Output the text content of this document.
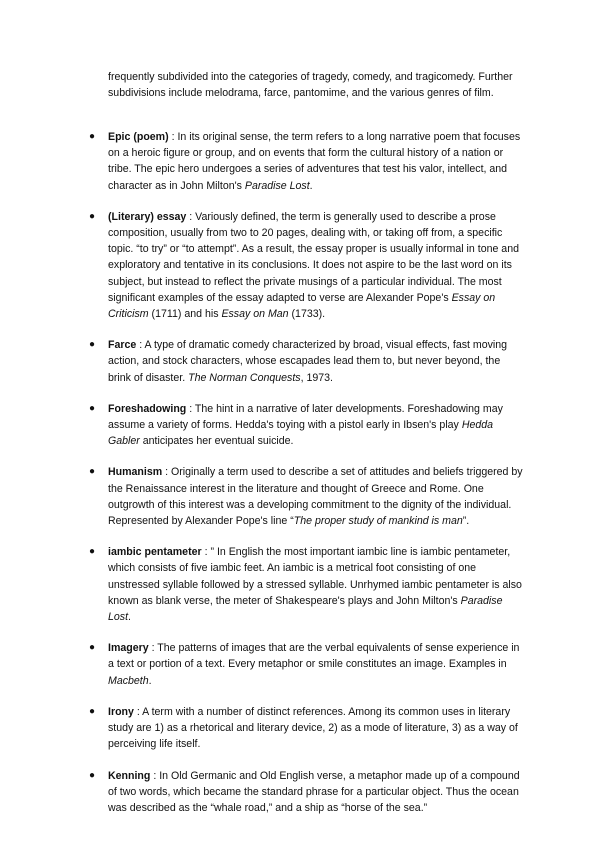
frequently subdivided into the categories of tragedy, comedy, and tragicomedy. Further subdivisions include melodrama, farce, pantomime, and the various genres of film.

● Epic (poem) : In its original sense, the term refers to a long narrative poem that focuses on a heroic figure or group, and on events that form the cultural history of a nation or tribe. The epic hero undergoes a series of adventures that test his valor, intellect, and character as in John Milton's Paradise Lost.
● (Literary) essay : Variously defined, the term is generally used to describe a prose composition, usually from two to 20 pages, dealing with, or taking off from, a specific topic. “to try” or “to attempt”. As a result, the essay proper is usually informal in tone and exploratory and tentative in its conclusions. It does not aspire to be the last word on its subject, but instead to reflect the private musings of a particular individual. The most significant examples of the essay adapted to verse are Alexander Pope's Essay on Criticism (1711) and his Essay on Man (1733).
● Farce : A type of dramatic comedy characterized by broad, visual effects, fast moving action, and stock characters, whose escapades lead them to, but never beyond, the brink of disaster. The Norman Conquests, 1973.
● Foreshadowing : The hint in a narrative of later developments. Foreshadowing may assume a variety of forms. Hedda's toying with a pistol early in Ibsen's play Hedda Gabler anticipates her eventual suicide.
● Humanism : Originally a term used to describe a set of attitudes and beliefs triggered by the Renaissance interest in the literature and thought of Greece and Rome. One outgrowth of this interest was a developing commitment to the dignity of the individual. Represented by Alexander Pope's line “The proper study of mankind is man”.
● iambic pentameter : ” In English the most important iambic line is iambic pentameter, which consists of five iambic feet. An iambic is a metrical foot consisting of one unstressed syllable followed by a stressed syllable. Unrhymed iambic pentameter is also known as blank verse, the meter of Shakespeare's plays and John Milton's Paradise Lost.
● Imagery : The patterns of images that are the verbal equivalents of sense experience in a text or portion of a text. Every metaphor or smile constitutes an image. Examples in Macbeth.
● Irony : A term with a number of distinct references. Among its common uses in literary study are 1) as a rhetorical and literary device, 2) as a mode of literature, 3) as a way of perceiving life itself.
● Kenning : In Old Germanic and Old English verse, a metaphor made up of a compound of two words, which became the standard phrase for a particular object. Thus the ocean was described as the “whale road,” and a ship as “horse of the sea.”
